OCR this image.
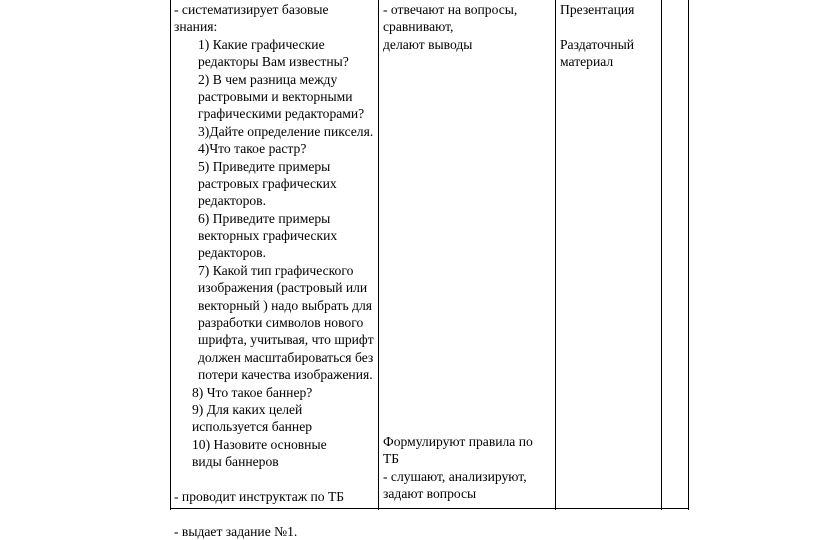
- систематизирует базовые
знания:
1) Какие графические
редакторы Вам известны?
2) В чем разница между
растровыми и векторными
графическими редакторами?
3)Дайте определение пикселя.
4)Что такое растр?
5) Приведите примеры
растровых графических
редакторов.
6) Приведите примеры
векторных графических
редакторов.
7) Какой тип графического
изображения (растровый или
векторный ) надо выбрать для
разработки символов нового
шрифта, учитывая, что шрифт
должен масштабироваться без
потери качества изображения.
8) Что такое баннер?
9) Для каких целей
используется баннер
10) Назовите основные
виды баннеров
- проводит инструктаж по ТБ
- выдает задание №1.
- отвечают на вопросы,
сравнивают,
делают выводы
Формулируют правила по
ТБ
- слушают, анализируют,
задают вопросы
Презентация
Раздаточный
материал
